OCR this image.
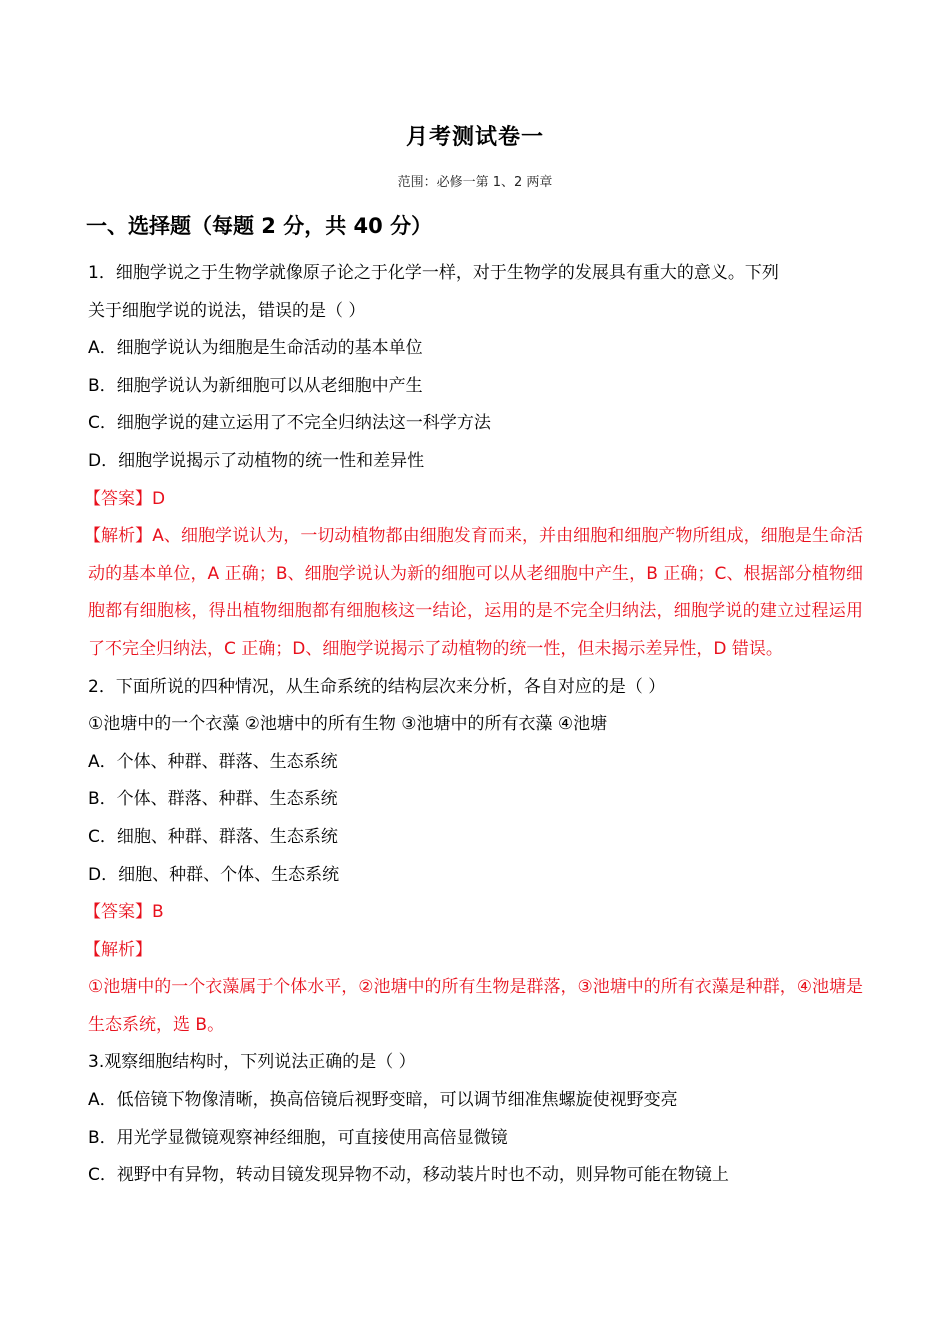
月考测试卷一
范围：必修一第 1、2 两章
一、选择题（每题 2 分，共 40 分）
1．细胞学说之于生物学就像原子论之于化学一样，对于生物学的发展具有重大的意义。下列
关于细胞学说的说法，错误的是（ ）
A．细胞学说认为细胞是生命活动的基本单位
B．细胞学说认为新细胞可以从老细胞中产生
C．细胞学说的建立运用了不完全归纳法这一科学方法
D．细胞学说揭示了动植物的统一性和差异性
【答案】D
【解析】A、细胞学说认为，一切动植物都由细胞发育而来，并由细胞和细胞产物所组成，细胞是生命活动的基本单位，A 正确；B、细胞学说认为新的细胞可以从老细胞中产生，B 正确；C、根据部分植物细胞都有细胞核，得出植物细胞都有细胞核这一结论，运用的是不完全归纳法，细胞学说的建立过程运用了不完全归纳法，C 正确；D、细胞学说揭示了动植物的统一性，但未揭示差异性，D 错误。
2．下面所说的四种情况，从生命系统的结构层次来分析，各自对应的是（ ）
①池塘中的一个衣藻 ②池塘中的所有生物 ③池塘中的所有衣藻 ④池塘
A．个体、种群、群落、生态系统
B．个体、群落、种群、生态系统
C．细胞、种群、群落、生态系统
D．细胞、种群、个体、生态系统
【答案】B
【解析】
①池塘中的一个衣藻属于个体水平，②池塘中的所有生物是群落，③池塘中的所有衣藻是种群，④池塘是生态系统，选 B。
3.观察细胞结构时，下列说法正确的是（ ）
A．低倍镜下物像清晰，换高倍镜后视野变暗，可以调节细准焦螺旋使视野变亮
B．用光学显微镜观察神经细胞，可直接使用高倍显微镜
C．视野中有异物，转动目镜发现异物不动，移动装片时也不动，则异物可能在物镜上
